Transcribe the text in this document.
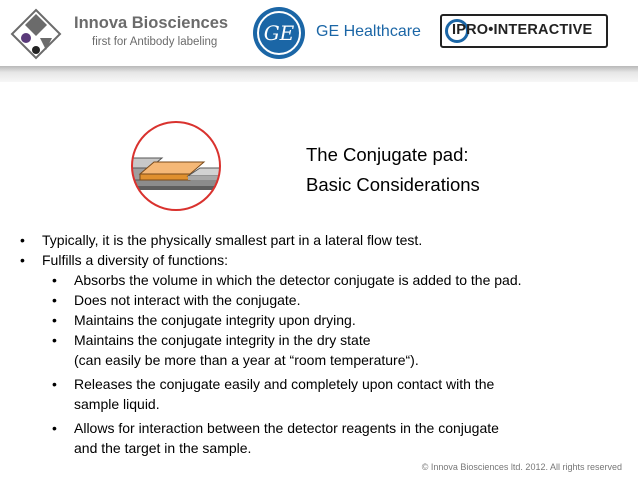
Innova Biosciences
first for Antibody labeling GE GE Healthcare IPRO•INTERACTIVE
The Conjugate pad:
Basic Considerations
• Typically, it is the physically smallest part in a lateral flow test.
• Fulfills a diversity of functions:
• Absorbs the volume in which the detector conjugate is added to the pad.
• Does not interact with the conjugate.
• Maintains the conjugate integrity upon drying.
• Maintains the conjugate integrity in the dry state
(can easily be more than a year at “room temperature“).
• Releases the conjugate easily and completely upon contact with the
sample liquid.
• Allows for interaction between the detector reagents in the conjugate
and the target in the sample.
© Innova Biosciences ltd. 2012. All rights reserved
